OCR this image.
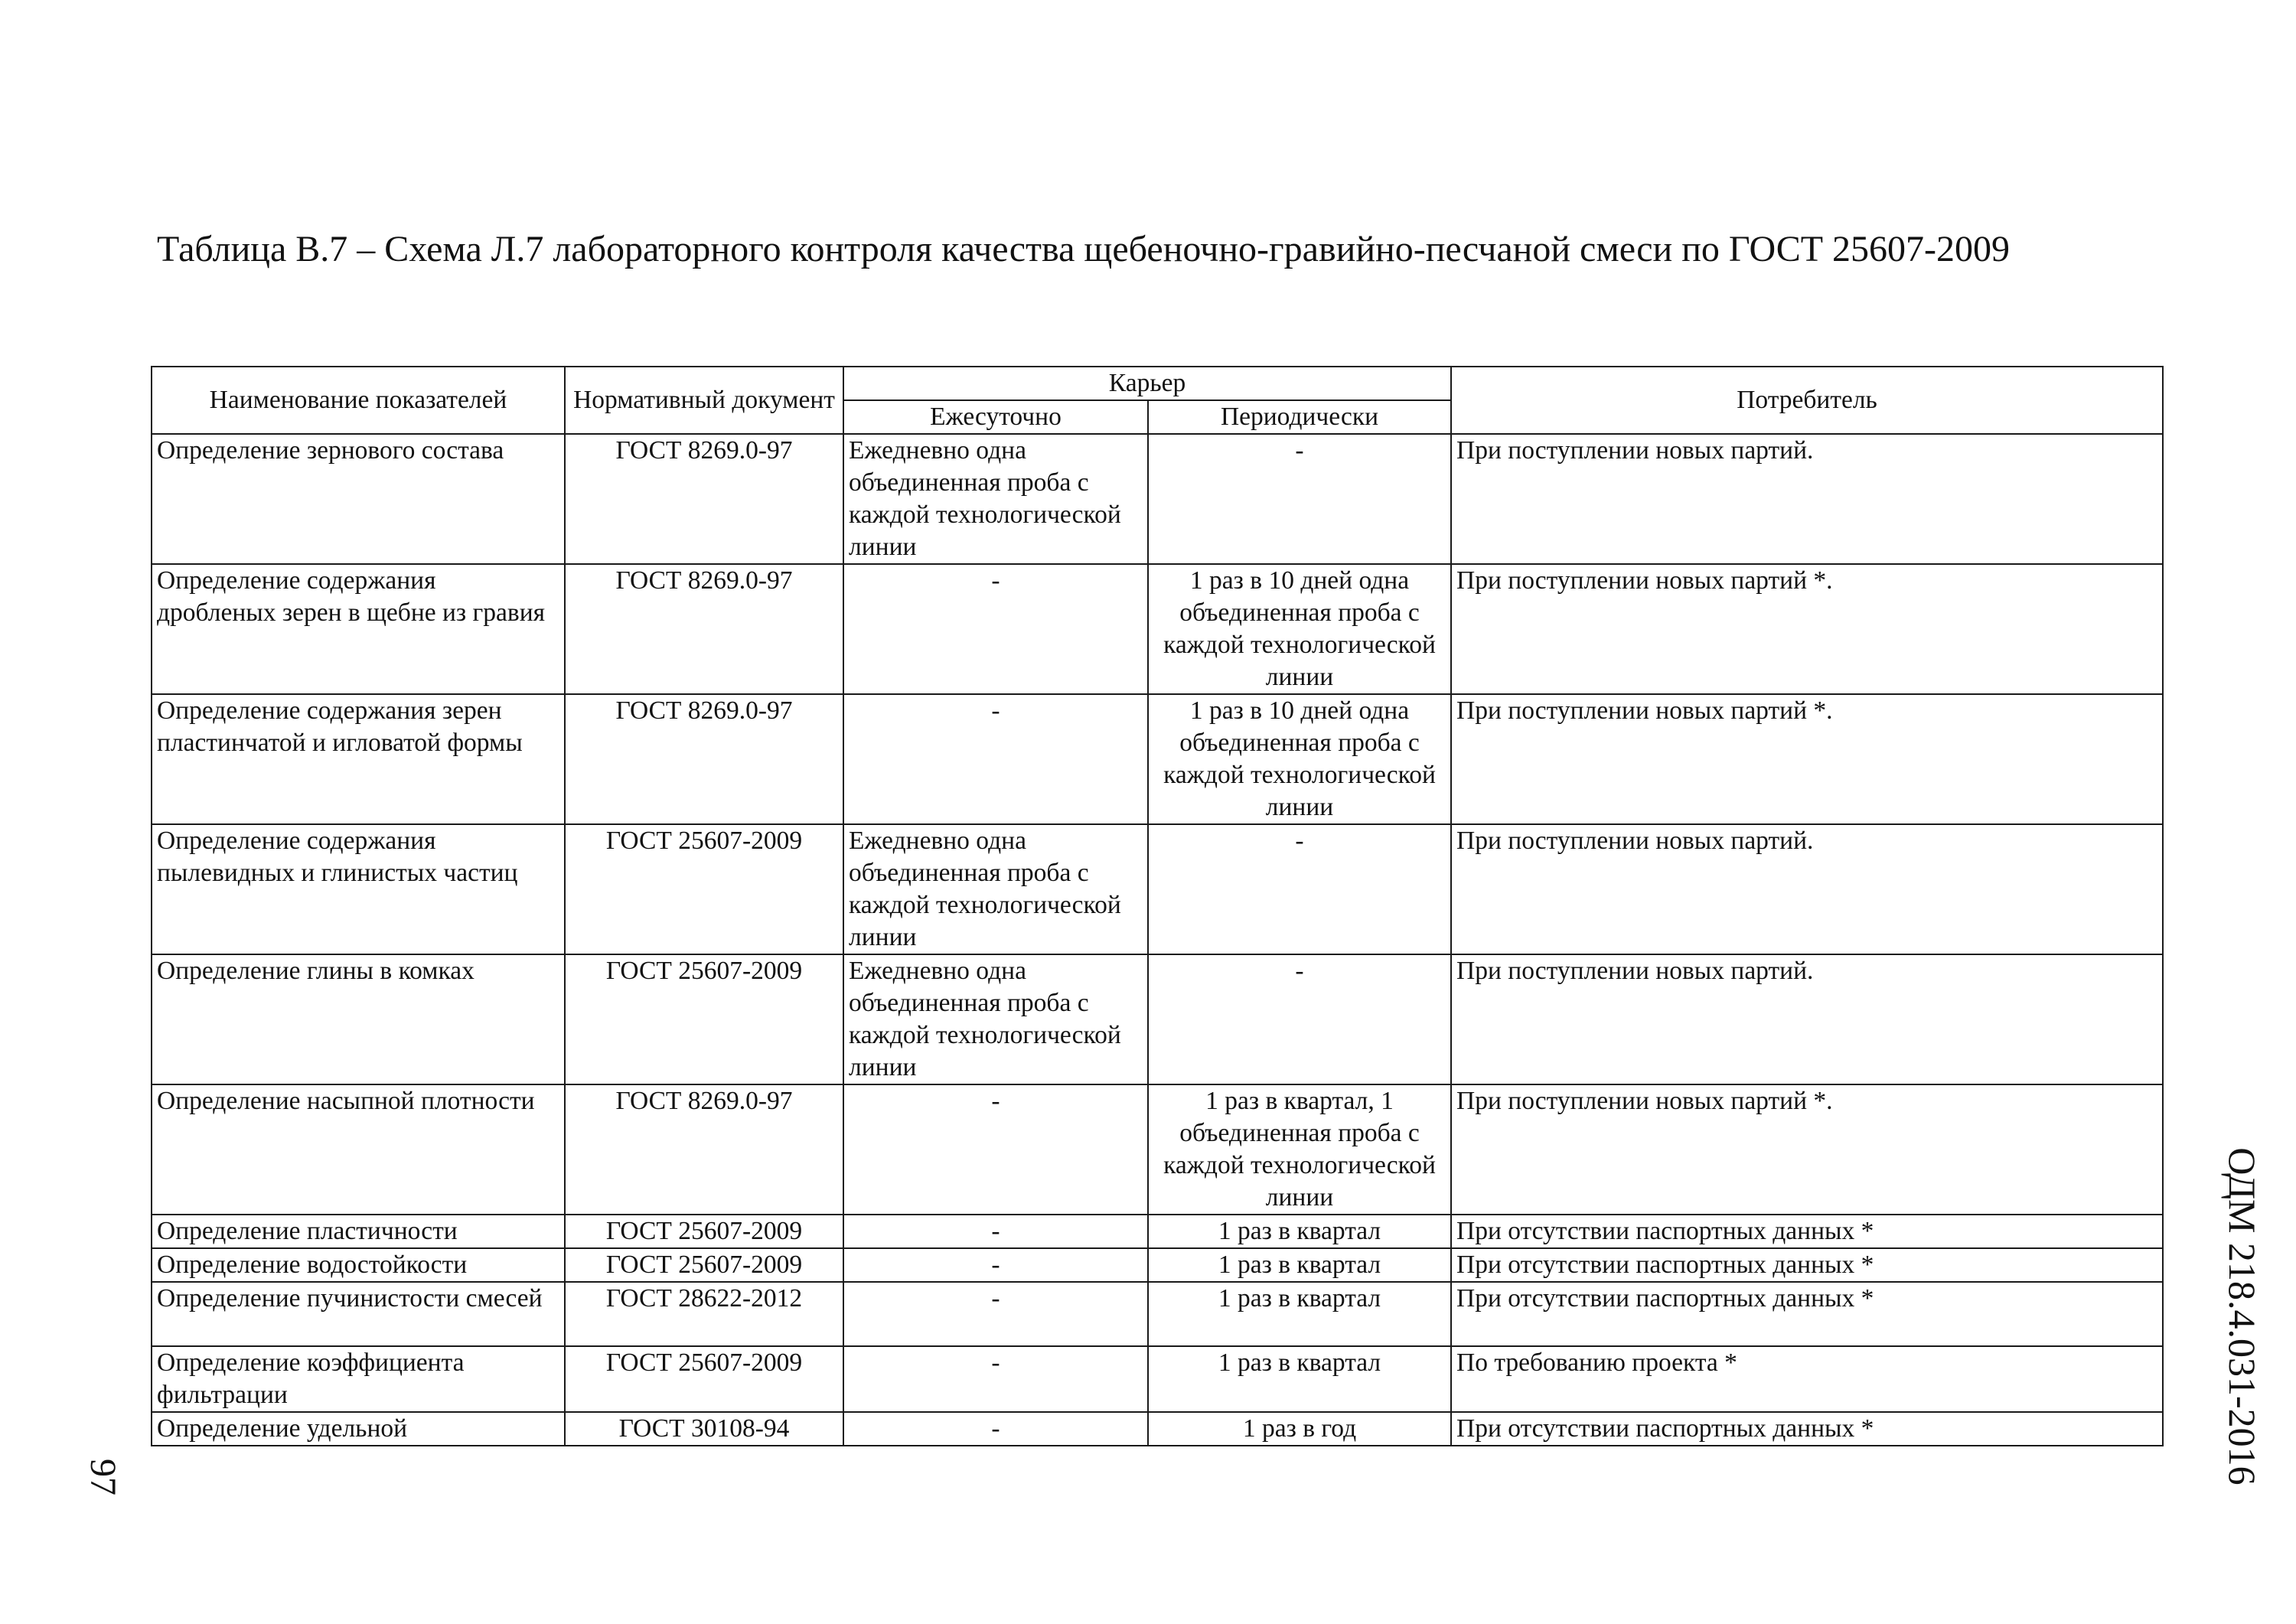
Таблица В.7 – Схема Л.7 лабораторного контроля качества щебеночно-гравийно-песчаной смеси по ГОСТ 25607-2009
Наименование показателей	Нормативный документ	Карьер		Потребитель
		Ежесуточно	Периодически	
Определение зернового состава	ГОСТ 8269.0-97	Ежедневно одна объединенная проба с каждой технологической линии	-	При поступлении новых партий.
Определение содержания дробленых зерен в щебне из гравия	ГОСТ 8269.0-97	-	1 раз в 10 дней одна объединенная проба с каждой технологической линии	При поступлении новых партий *.
Определение содержания зерен пластинчатой и игловатой формы	ГОСТ 8269.0-97	-	1 раз в 10 дней одна объединенная проба с каждой технологической линии	При поступлении новых партий *.
Определение содержания пылевидных и глинистых частиц	ГОСТ 25607-2009	Ежедневно одна объединенная проба с каждой технологической линии	-	При поступлении новых партий.
Определение глины в комках	ГОСТ 25607-2009	Ежедневно одна объединенная проба с каждой технологической линии	-	При поступлении новых партий.
Определение насыпной плотности	ГОСТ 8269.0-97	-	1 раз в квартал, 1 объединенная проба с каждой технологической линии	При поступлении новых партий *.
Определение пластичности	ГОСТ 25607-2009	-	1 раз в квартал	При отсутствии паспортных данных *
Определение водостойкости	ГОСТ 25607-2009	-	1 раз в квартал	При отсутствии паспортных данных *
Определение пучинистости смесей	ГОСТ 28622-2012	-	1 раз в квартал	При отсутствии паспортных данных *
Определение коэффициента фильтрации	ГОСТ 25607-2009	-	1 раз в квартал	По требованию проекта *
Определение удельной	ГОСТ 30108-94	-	1 раз в год	При отсутствии паспортных данных *
97	ОДМ 218.4.031-2016
